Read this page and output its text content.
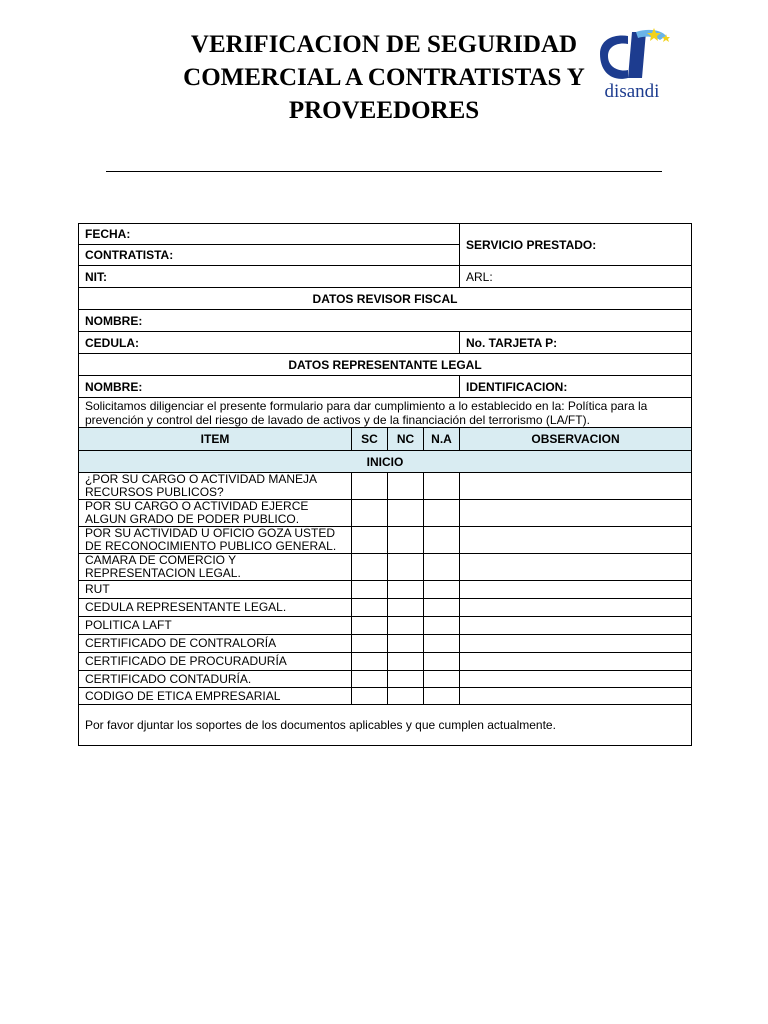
VERIFICACION DE SEGURIDAD
COMERCIAL A CONTRATISTAS Y
PROVEEDORES
disandi
FECHA:				SERVICIO PRESTADO:
CONTRATISTA:				
NIT:				ARL:
DATOS REVISOR FISCAL				
NOMBRE:				
CEDULA:				No. TARJETA P:
DATOS REPRESENTANTE LEGAL				
NOMBRE:				IDENTIFICACION:
Solicitamos diligenciar el presente formulario para dar cumplimiento a lo establecido en la: Política para la prevención y control del riesgo de lavado de activos y de la financiación del terrorismo (LA/FT).				
ITEM	SC	NC	N.A	OBSERVACION
INICIO				
¿POR SU CARGO O ACTIVIDAD MANEJA RECURSOS PUBLICOS?				
POR SU CARGO O ACTIVIDAD EJERCE ALGUN GRADO DE PODER PUBLICO.				
POR SU ACTIVIDAD U OFICIO GOZA USTED DE RECONOCIMIENTO PUBLICO GENERAL.				
CAMARA DE COMERCIO Y REPRESENTACION LEGAL.				
RUT				
CEDULA REPRESENTANTE LEGAL.				
POLITICA LAFT				
CERTIFICADO DE CONTRALORÍA				
CERTIFICADO DE PROCURADURÍA				
CERTIFICADO CONTADURÍA.				
CODIGO DE ETICA EMPRESARIAL				
Por favor djuntar los soportes de los documentos aplicables y que cumplen actualmente.				
